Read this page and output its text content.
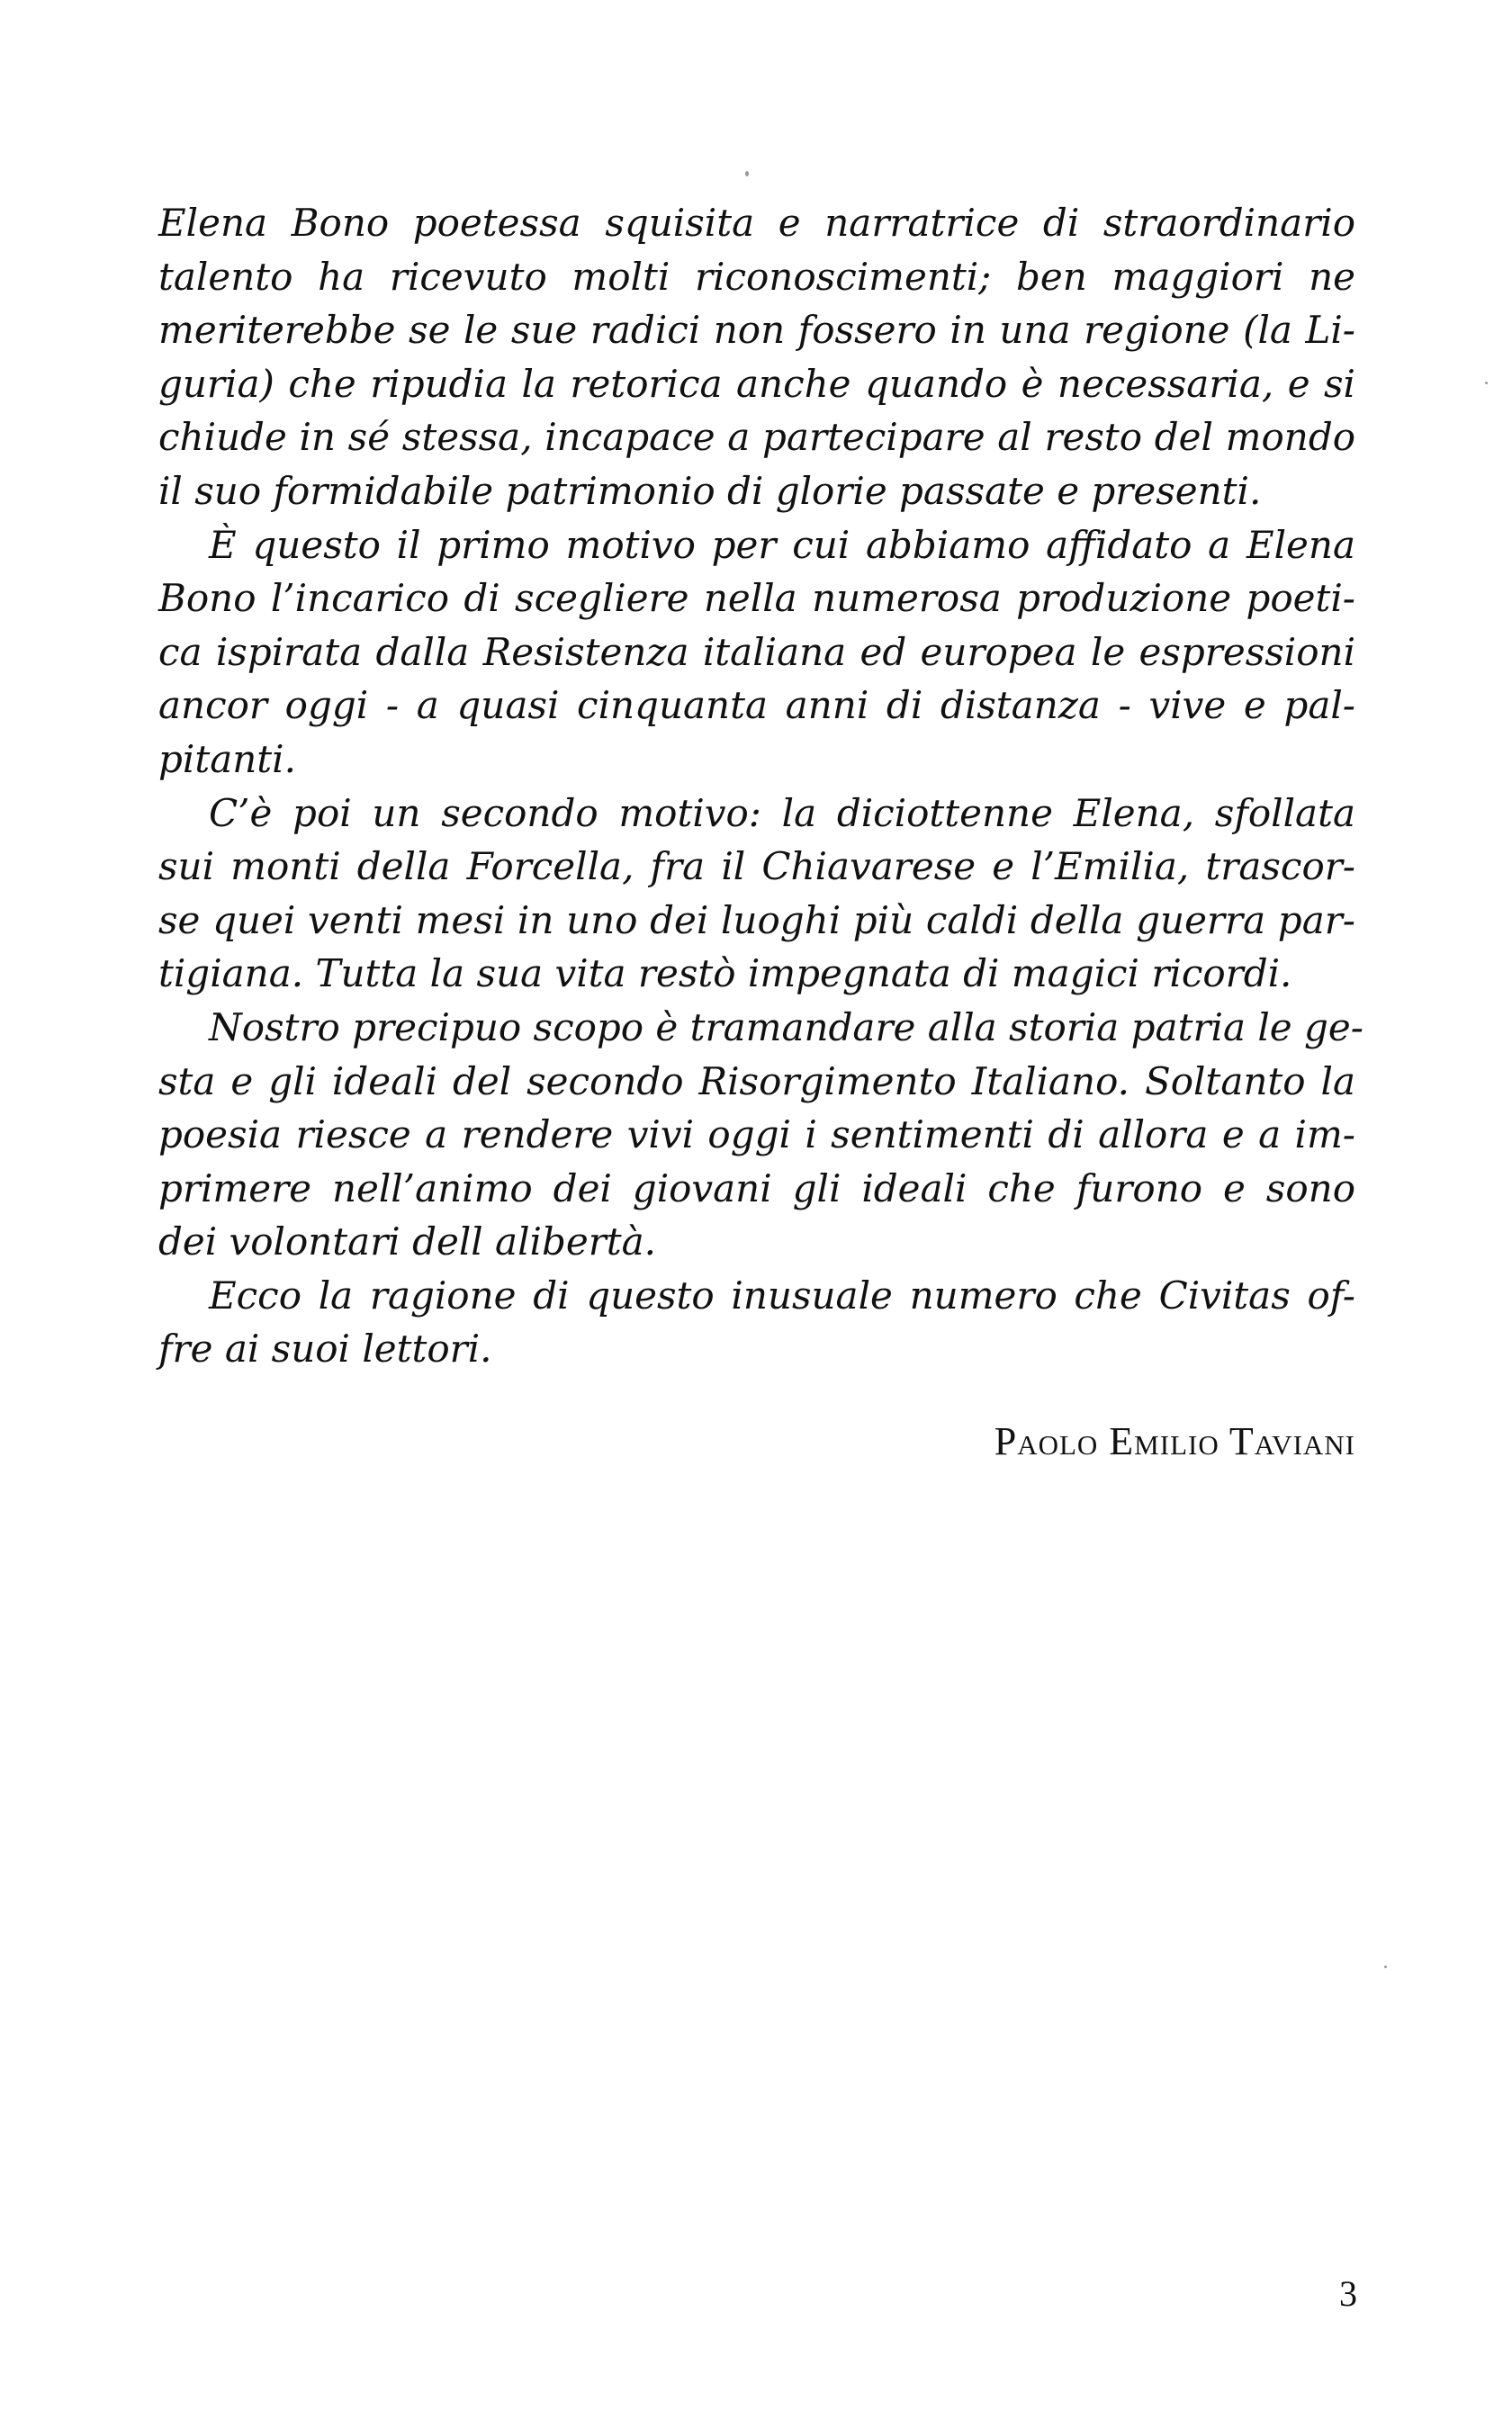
Elena Bono poetessa squisita e narratrice di straordinario
talento ha ricevuto molti riconoscimenti; ben maggiori ne
meriterebbe se le sue radici non fossero in una regione (la Li-
guria) che ripudia la retorica anche quando è necessaria, e si
chiude in sé stessa, incapace a partecipare al resto del mondo
il suo formidabile patrimonio di glorie passate e presenti.
È questo il primo motivo per cui abbiamo affidato a Elena
Bono l’incarico di scegliere nella numerosa produzione poeti-
ca ispirata dalla Resistenza italiana ed europea le espressioni
ancor oggi - a quasi cinquanta anni di distanza - vive e pal-
pitanti.
C’è poi un secondo motivo: la diciottenne Elena, sfollata
sui monti della Forcella, fra il Chiavarese e l’Emilia, trascor-
se quei venti mesi in uno dei luoghi più caldi della guerra par-
tigiana. Tutta la sua vita restò impegnata di magici ricordi.
Nostro precipuo scopo è tramandare alla storia patria le ge-
sta e gli ideali del secondo Risorgimento Italiano. Soltanto la
poesia riesce a rendere vivi oggi i sentimenti di allora e a im-
primere nell’animo dei giovani gli ideali che furono e sono
dei volontari dell alibertà.
Ecco la ragione di questo inusuale numero che Civitas of-
fre ai suoi lettori.
Paolo Emilio Taviani
3
